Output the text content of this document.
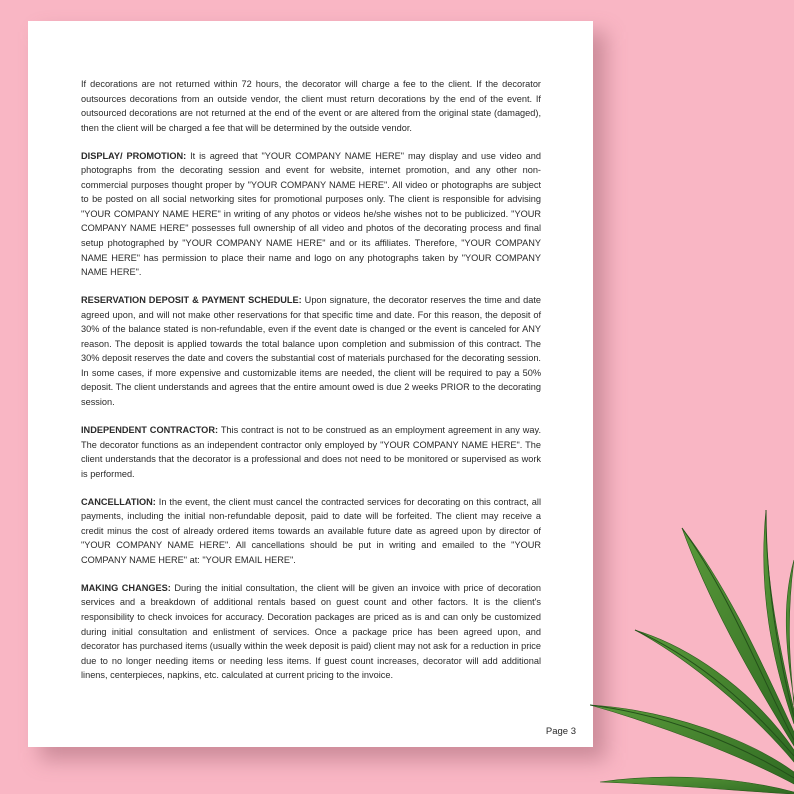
If decorations are not returned within 72 hours, the decorator will charge a fee to the client. If the decorator outsources decorations from an outside vendor, the client must return decorations by the end of the event. If outsourced decorations are not returned at the end of the event or are altered from the original state (damaged), then the client will be charged a fee that will be determined by the outside vendor.

DISPLAY/ PROMOTION: It is agreed that "YOUR COMPANY NAME HERE" may display and use video and photographs from the decorating session and event for website, internet promotion, and any other non-commercial purposes thought proper by "YOUR COMPANY NAME HERE". All video or photographs are subject to be posted on all social networking sites for promotional purposes only. The client is responsible for advising "YOUR COMPANY NAME HERE" in writing of any photos or videos he/she wishes not to be publicized. "YOUR COMPANY NAME HERE" possesses full ownership of all video and photos of the decorating process and final setup photographed by "YOUR COMPANY NAME HERE" and or its affiliates. Therefore, "YOUR COMPANY NAME HERE" has permission to place their name and logo on any photographs taken by "YOUR COMPANY NAME HERE".

RESERVATION DEPOSIT & PAYMENT SCHEDULE: Upon signature, the decorator reserves the time and date agreed upon, and will not make other reservations for that specific time and date. For this reason, the deposit of 30% of the balance stated is non-refundable, even if the event date is changed or the event is canceled for ANY reason. The deposit is applied towards the total balance upon completion and submission of this contract. The 30% deposit reserves the date and covers the substantial cost of materials purchased for the decorating session. In some cases, if more expensive and customizable items are needed, the client will be required to pay a 50% deposit. The client understands and agrees that the entire amount owed is due 2 weeks PRIOR to the decorating session.

INDEPENDENT CONTRACTOR: This contract is not to be construed as an employment agreement in any way. The decorator functions as an independent contractor only employed by "YOUR COMPANY NAME HERE". The client understands that the decorator is a professional and does not need to be monitored or supervised as work is performed.

CANCELLATION: In the event, the client must cancel the contracted services for decorating on this contract, all payments, including the initial non-refundable deposit, paid to date will be forfeited. The client may receive a credit minus the cost of already ordered items towards an available future date as agreed upon by director of "YOUR COMPANY NAME HERE". All cancellations should be put in writing and emailed to the "YOUR COMPANY NAME HERE" at: "YOUR EMAIL HERE".

MAKING CHANGES: During the initial consultation, the client will be given an invoice with price of decoration services and a breakdown of additional rentals based on guest count and other factors. It is the client's responsibility to check invoices for accuracy. Decoration packages are priced as is and can only be customized during initial consultation and enlistment of services. Once a package price has been agreed upon, and decorator has purchased items (usually within the week deposit is paid) client may not ask for a reduction in price due to no longer needing items or needing less items. If guest count increases, decorator will add additional linens, centerpieces, napkins, etc. calculated at current pricing to the invoice.

Page 3
